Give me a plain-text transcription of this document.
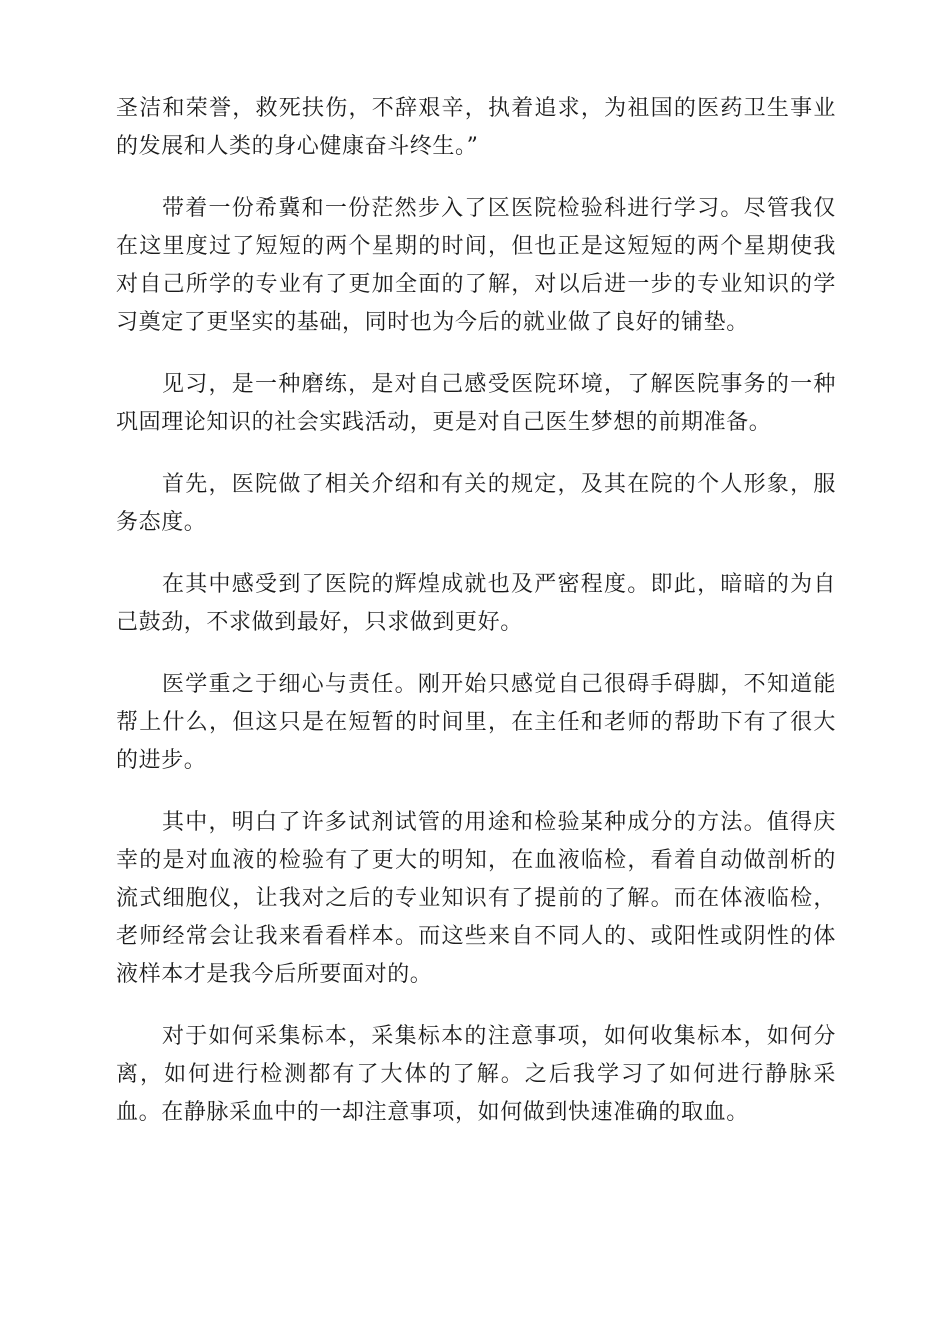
圣洁和荣誉，救死扶伤，不辞艰辛，执着追求，为祖国的医药卫生事业的发展和人类的身心健康奋斗终生。”

带着一份希冀和一份茫然步入了区医院检验科进行学习。尽管我仅在这里度过了短短的两个星期的时间，但也正是这短短的两个星期使我对自己所学的专业有了更加全面的了解，对以后进一步的专业知识的学习奠定了更坚实的基础，同时也为今后的就业做了良好的铺垫。

见习，是一种磨练，是对自己感受医院环境，了解医院事务的一种巩固理论知识的社会实践活动，更是对自己医生梦想的前期准备。

首先，医院做了相关介绍和有关的规定，及其在院的个人形象，服务态度。

在其中感受到了医院的辉煌成就也及严密程度。即此，暗暗的为自己鼓劲，不求做到最好，只求做到更好。

医学重之于细心与责任。刚开始只感觉自己很碍手碍脚，不知道能帮上什么，但这只是在短暂的时间里，在主任和老师的帮助下有了很大的进步。

其中，明白了许多试剂试管的用途和检验某种成分的方法。值得庆幸的是对血液的检验有了更大的明知，在血液临检，看着自动做剖析的流式细胞仪，让我对之后的专业知识有了提前的了解。而在体液临检，老师经常会让我来看看样本。而这些来自不同人的、或阳性或阴性的体液样本才是我今后所要面对的。

对于如何采集标本，采集标本的注意事项，如何收集标本，如何分离，如何进行检测都有了大体的了解。之后我学习了如何进行静脉采血。在静脉采血中的一却注意事项，如何做到快速准确的取血。
